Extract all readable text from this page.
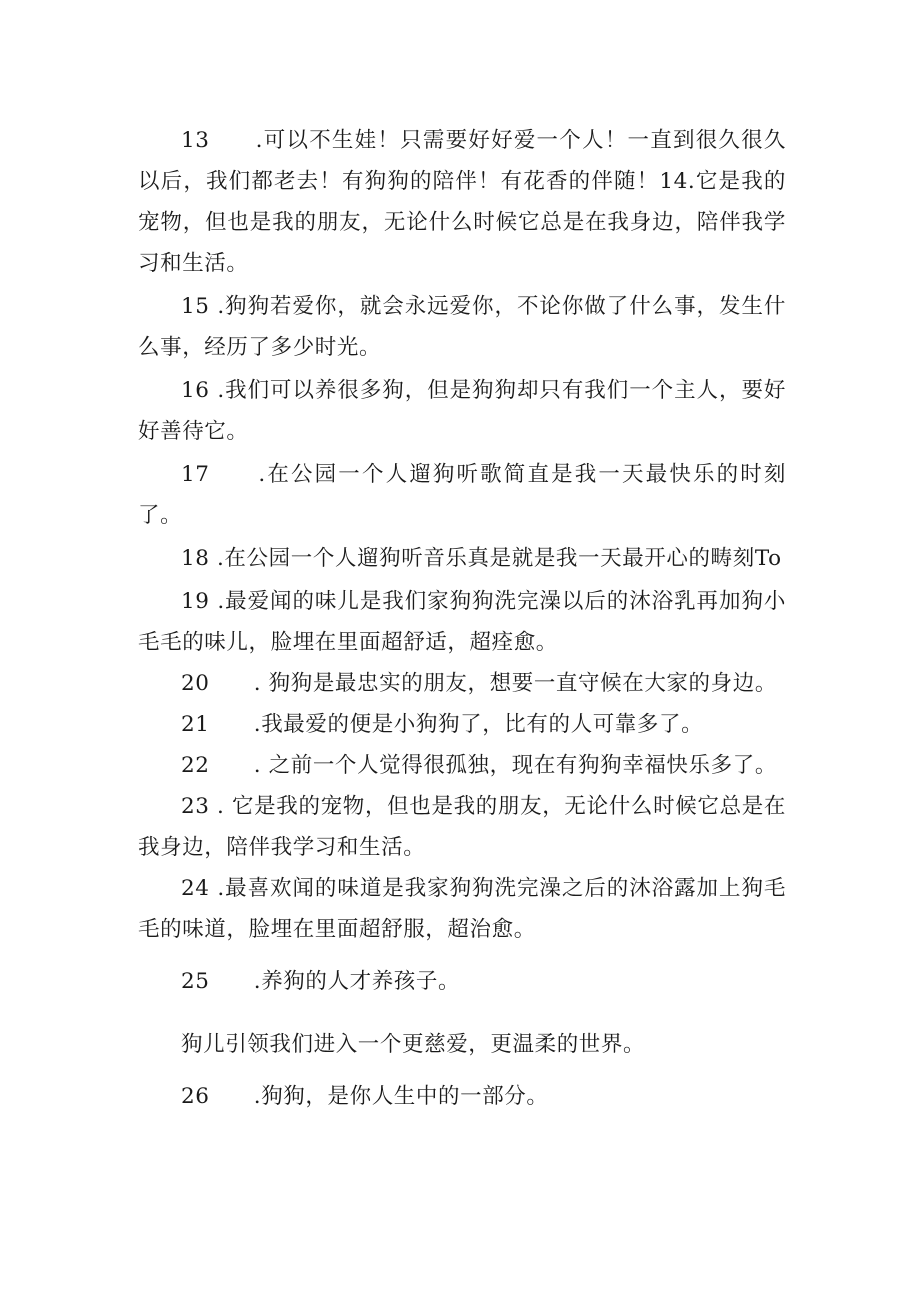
13　　.可以不生娃！只需要好好爱一个人！一直到很久很久以后，我们都老去！有狗狗的陪伴！有花香的伴随！14.它是我的宠物，但也是我的朋友，无论什么时候它总是在我身边，陪伴我学习和生活。

15 .狗狗若爱你，就会永远爱你，不论你做了什么事，发生什么事，经历了多少时光。

16 .我们可以养很多狗，但是狗狗却只有我们一个主人，要好好善待它。

17　　.在公园一个人遛狗听歌简直是我一天最快乐的时刻了。

18 .在公园一个人遛狗听音乐真是就是我一天最开心的畴刻To

19 .最爱闻的味儿是我们家狗狗洗完澡以后的沐浴乳再加狗小毛毛的味儿，脸埋在里面超舒适，超痊愈。

20　　. 狗狗是最忠实的朋友，想要一直守候在大家的身边。

21　　.我最爱的便是小狗狗了，比有的人可靠多了。

22　　. 之前一个人觉得很孤独，现在有狗狗幸福快乐多了。

23 . 它是我的宠物，但也是我的朋友，无论什么时候它总是在我身边，陪伴我学习和生活。

24 .最喜欢闻的味道是我家狗狗洗完澡之后的沐浴露加上狗毛毛的味道，脸埋在里面超舒服，超治愈。

25　　.养狗的人才养孩子。

狗儿引领我们进入一个更慈爱，更温柔的世界。

26　　.狗狗，是你人生中的一部分。
